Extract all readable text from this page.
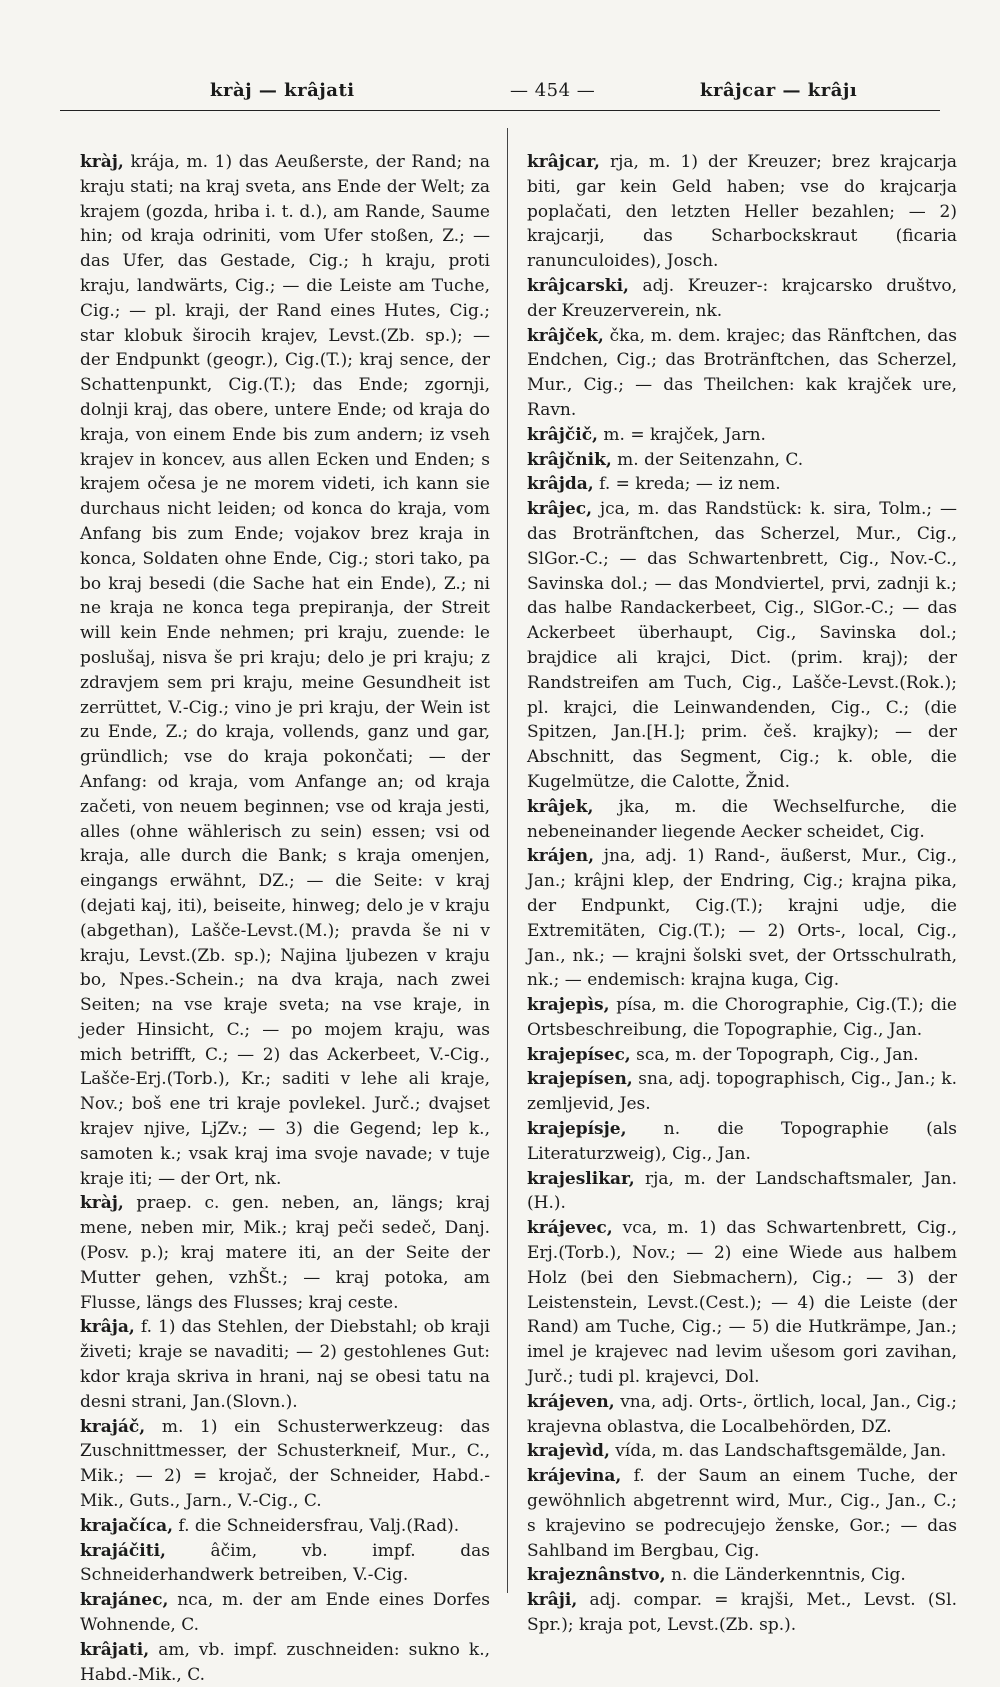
kràj — krâjati	— 454 —	krâjcar — krâjı
kràj, krája, m. 1) das Aeußerste, der Rand; na kraju stati; na kraj sveta, ans Ende der Welt; za krajem (gozda, hriba i. t. d.), am Rande, Saume hin; od kraja odriniti, vom Ufer stoßen, Z.; — das Ufer, das Gestade, Cig.; h kraju, proti kraju, landwärts, Cig.; — die Leiste am Tuche, Cig.; — pl. kraji, der Rand eines Hutes, Cig.; star klobuk širocih krajev, Levst.(Zb. sp.); — der Endpunkt (geogr.), Cig.(T.); kraj sence, der Schattenpunkt, Cig.(T.); das Ende; zgornji, dolnji kraj, das obere, untere Ende; od kraja do kraja, von einem Ende bis zum andern; iz vseh krajev in koncev, aus allen Ecken und Enden; s krajem očesa je ne morem videti, ich kann sie durchaus nicht leiden; od konca do kraja, vom Anfang bis zum Ende; vojakov brez kraja in konca, Soldaten ohne Ende, Cig.; stori tako, pa bo kraj besedi (die Sache hat ein Ende), Z.; ni ne kraja ne konca tega prepiranja, der Streit will kein Ende nehmen; pri kraju, zuende: le poslušaj, nisva še pri kraju; delo je pri kraju; z zdravjem sem pri kraju, meine Gesundheit ist zerrüttet, V.-Cig.; vino je pri kraju, der Wein ist zu Ende, Z.; do kraja, vollends, ganz und gar, gründlich; vse do kraja pokončati; — der Anfang: od kraja, vom Anfange an; od kraja začeti, von neuem beginnen; vse od kraja jesti, alles (ohne wählerisch zu sein) essen; vsi od kraja, alle durch die Bank; s kraja omenjen, eingangs erwähnt, DZ.; — die Seite: v kraj (dejati kaj, iti), beiseite, hinweg; delo je v kraju (abgethan), Lašče-Levst.(M.); pravda še ni v kraju, Levst.(Zb. sp.); Najina ljubezen v kraju bo, Npes.-Schein.; na dva kraja, nach zwei Seiten; na vse kraje sveta; na vse kraje, in jeder Hinsicht, C.; — po mojem kraju, was mich betrifft, C.; — 2) das Ackerbeet, V.-Cig., Lašče-Erj.(Torb.), Kr.; saditi v lehe ali kraje, Nov.; boš ene tri kraje povlekel. Jurč.; dvajset krajev njive, LjZv.; — 3) die Gegend; lep k., samoten k.; vsak kraj ima svoje navade; v tuje kraje iti; — der Ort, nk.
kràj, praep. c. gen. neben, an, längs; kraj mene, neben mir, Mik.; kraj peči sedeč, Danj.(Posv. p.); kraj matere iti, an der Seite der Mutter gehen, vzhŠt.; — kraj potoka, am Flusse, längs des Flusses; kraj ceste.
krâja, f. 1) das Stehlen, der Diebstahl; ob kraji živeti; kraje se navaditi; — 2) gestohlenes Gut: kdor kraja skriva in hrani, naj se obesi tatu na desni strani, Jan.(Slovn.).
krajáč, m. 1) ein Schusterwerkzeug: das Zuschnittmesser, der Schusterkneif, Mur., C., Mik.; — 2) = krojač, der Schneider, Habd.-Mik., Guts., Jarn., V.-Cig., C.
krajačíca, f. die Schneidersfrau, Valj.(Rad).
krajáčiti, âčim, vb. impf. das Schneiderhandwerk betreiben, V.-Cig.
krajánec, nca, m. der am Ende eines Dorfes Wohnende, C.
krâjati, am, vb. impf. zuschneiden: sukno k., Habd.-Mik., C.
krâjcar, rja, m. 1) der Kreuzer; brez krajcarja biti, gar kein Geld haben; vse do krajcarja poplačati, den letzten Heller bezahlen; — 2) krajcarji, das Scharbockskraut (ficaria ranunculoides), Josch.
krâjcarski, adj. Kreuzer-: krajcarsko društvo, der Kreuzerverein, nk.
krâjček, čka, m. dem. krajec; das Ränftchen, das Endchen, Cig.; das Brotränftchen, das Scherzel, Mur., Cig.; — das Theilchen: kak krajček ure, Ravn.
krâjčič, m. = krajček, Jarn.
krâjčnik, m. der Seitenzahn, C.
krâjda, f. = kreda; — iz nem.
krâjec, jca, m. das Randstück: k. sira, Tolm.; — das Brotränftchen, das Scherzel, Mur., Cig., SlGor.-C.; — das Schwartenbrett, Cig., Nov.-C., Savinska dol.; — das Mondviertel, prvi, zadnji k.; das halbe Randackerbeet, Cig., SlGor.-C.; — das Ackerbeet überhaupt, Cig., Savinska dol.; brajdice ali krajci, Dict. (prim. kraj); der Randstreifen am Tuch, Cig., Lašče-Levst.(Rok.); pl. krajci, die Leinwandenden, Cig., C.; (die Spitzen, Jan.[H.]; prim. češ. krajky); — der Abschnitt, das Segment, Cig.; k. oble, die Kugelmütze, die Calotte, Žnid.
krâjek, jka, m. die Wechselfurche, die nebeneinander liegende Aecker scheidet, Cig.
krájen, jna, adj. 1) Rand-, äußerst, Mur., Cig., Jan.; krâjni klep, der Endring, Cig.; krajna pika, der Endpunkt, Cig.(T.); krajni udje, die Extremitäten, Cig.(T.); — 2) Orts-, local, Cig., Jan., nk.; — krajni šolski svet, der Ortsschulrath, nk.; — endemisch: krajna kuga, Cig.
krajepìs, písa, m. die Chorographie, Cig.(T.); die Ortsbeschreibung, die Topographie, Cig., Jan.
krajepísec, sca, m. der Topograph, Cig., Jan.
krajepísen, sna, adj. topographisch, Cig., Jan.; k. zemljevid, Jes.
krajepísje, n. die Topographie (als Literaturzweig), Cig., Jan.
krajeslikar, rja, m. der Landschaftsmaler, Jan.(H.).
krájevec, vca, m. 1) das Schwartenbrett, Cig., Erj.(Torb.), Nov.; — 2) eine Wiede aus halbem Holz (bei den Siebmachern), Cig.; — 3) der Leistenstein, Levst.(Cest.); — 4) die Leiste (der Rand) am Tuche, Cig.; — 5) die Hutkrämpe, Jan.; imel je krajevec nad levim ušesom gori zavihan, Jurč.; tudi pl. krajevci, Dol.
krájeven, vna, adj. Orts-, örtlich, local, Jan., Cig.; krajevna oblastva, die Localbehörden, DZ.
krajevìd, vída, m. das Landschaftsgemälde, Jan.
krájevina, f. der Saum an einem Tuche, der gewöhnlich abgetrennt wird, Mur., Cig., Jan., C.; s krajevino se podrecujejo ženske, Gor.; — das Sahlband im Bergbau, Cig.
krajeznânstvo, n. die Länderkenntnis, Cig.
krâji, adj. compar. = krajši, Met., Levst. (Sl. Spr.); kraja pot, Levst.(Zb. sp.).
